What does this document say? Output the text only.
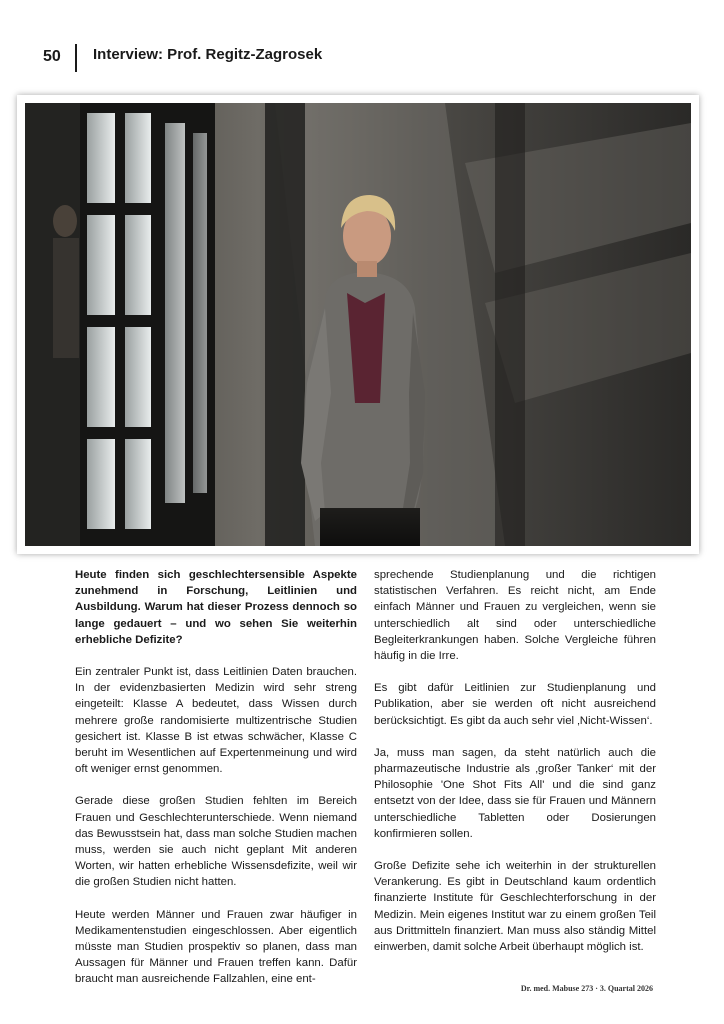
50 Interview: Prof. Regitz-Zagrosek

Heute finden sich geschlechtersensible Aspekte zunehmend in Forschung, Leitlinien und Ausbildung. Warum hat dieser Prozess dennoch so lange gedauert – und wo sehen Sie weiterhin erhebliche Defizite?

Ein zentraler Punkt ist, dass Leitlinien Daten brauchen. In der evidenzbasierten Medizin wird sehr streng eingeteilt: Klasse A bedeutet, dass Wissen durch mehrere große randomisierte multizentrische Studien gesichert ist. Klasse B ist etwas schwächer, Klasse C beruht im Wesentlichen auf Expertenmeinung und wird oft weniger ernst genommen.

Gerade diese großen Studien fehlten im Bereich Frauen und Geschlechterunterschiede. Wenn niemand das Bewusstsein hat, dass man solche Studien machen muss, werden sie auch nicht geplant Mit anderen Worten, wir hatten erhebliche Wissensdefizite, weil wir die großen Studien nicht hatten.

Heute werden Männer und Frauen zwar häufiger in Medikamentenstudien eingeschlossen. Aber eigentlich müsste man Studien prospektiv so planen, dass man Aussagen für Männer und Frauen treffen kann. Dafür braucht man ausreichende Fallzahlen, eine ent-

sprechende Studienplanung und die richtigen statistischen Verfahren. Es reicht nicht, am Ende einfach Männer und Frauen zu vergleichen, wenn sie unterschiedlich alt sind oder unterschiedliche Begleiterkrankungen haben. Solche Vergleiche führen häufig in die Irre.

Es gibt dafür Leitlinien zur Studienplanung und Publikation, aber sie werden oft nicht ausreichend berücksichtigt. Es gibt da auch sehr viel ‚Nicht-Wissen‘.

Ja, muss man sagen, da steht natürlich auch die pharmazeutische Industrie als ‚großer Tanker‘ mit der Philosophie 'One Shot Fits All' und die sind ganz entsetzt von der Idee, dass sie für Frauen und Männern unterschiedliche Tabletten oder Dosierungen konfirmieren sollen.

Große Defizite sehe ich weiterhin in der strukturellen Verankerung. Es gibt in Deutschland kaum ordentlich finanzierte Institute für Geschlechterforschung in der Medizin. Mein eigenes Institut war zu einem großen Teil aus Drittmitteln finanziert. Man muss also ständig Mittel einwerben, damit solche Arbeit überhaupt möglich ist.

Dr. med. Mabuse 273 · 3. Quartal 2026
